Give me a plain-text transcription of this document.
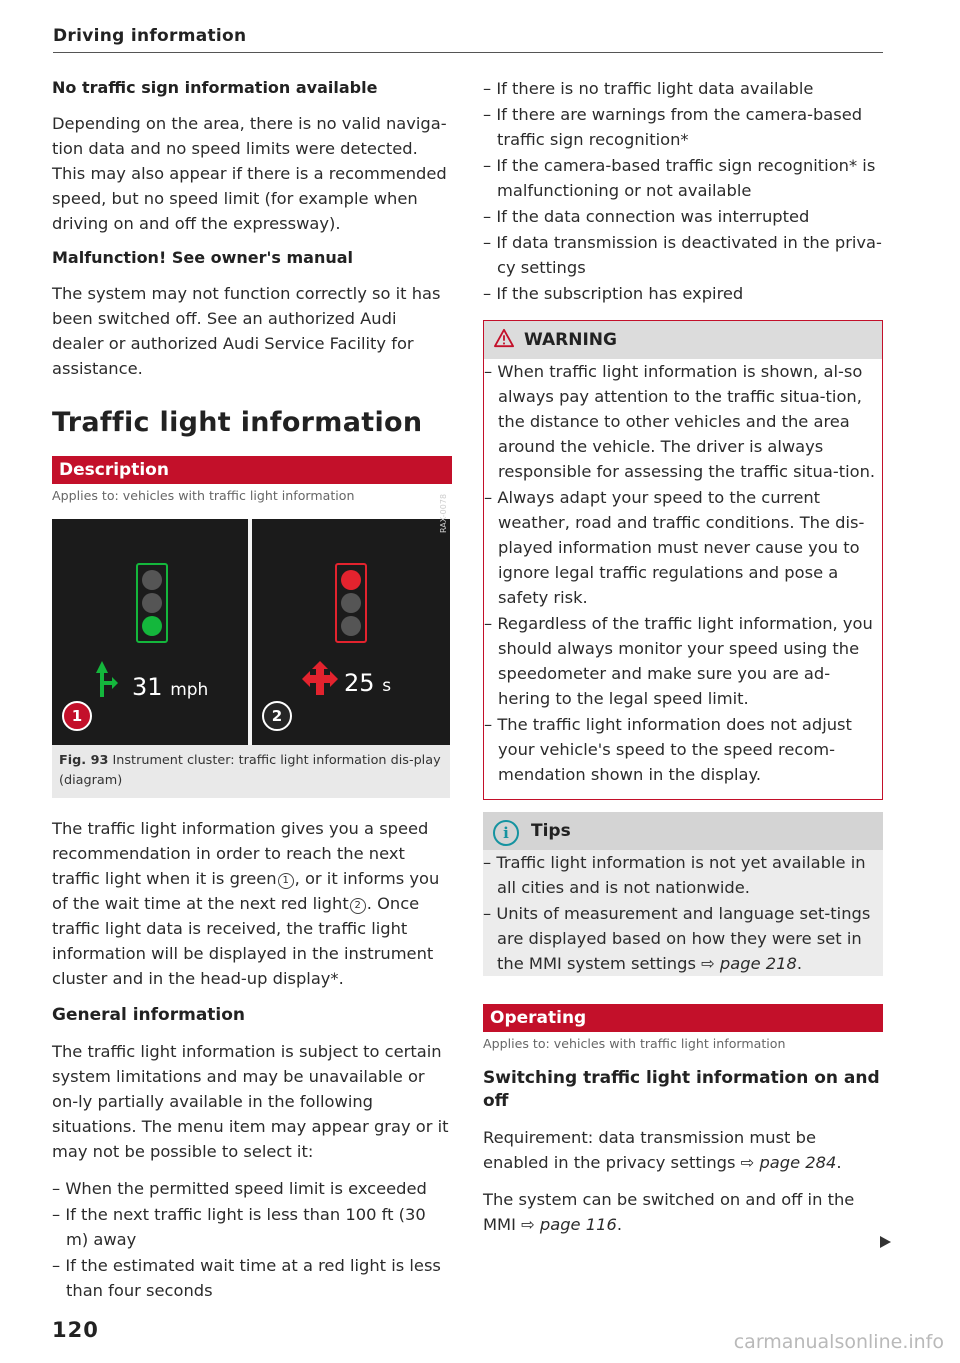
Driving information
No traffic sign information available

Depending on the area, there is no valid naviga-tion data and no speed limits were detected. This may also appear if there is a recommended speed, but no speed limit (for example when driving on and off the expressway).

Malfunction! See owner's manual

The system may not function correctly so it has been switched off. See an authorized Audi dealer or authorized Audi Service Facility for assistance.

Traffic light information
Description
Applies to: vehicles with traffic light information	RAX-0078
31 mph
1
25 s
2
Fig. 93 Instrument cluster: traffic light information dis-play (diagram)

The traffic light information gives you a speed recommendation in order to reach the next traffic light when it is green 1 , or it informs you of the wait time at the next red light 2 . Once traffic light data is received, the traffic light information will be displayed in the instrument cluster and in the head-up display*.

General information

The traffic light information is subject to certain system limitations and may be unavailable or on-ly partially available in the following situations. The menu item may appear gray or it may not be possible to select it:

– When the permitted speed limit is exceeded
– If the next traffic light is less than 100 ft (30 m) away
– If the estimated wait time at a red light is less than four seconds
– If there is no traffic light data available
– If there are warnings from the camera-based traffic sign recognition*
– If the camera-based traffic sign recognition* is malfunctioning or not available
– If the data connection was interrupted
– If data transmission is deactivated in the priva-cy settings
– If the subscription has expired
WARNING
– When traffic light information is shown, al-so always pay attention to the traffic situa-tion, the distance to other vehicles and the area around the vehicle. The driver is always responsible for assessing the traffic situa-tion.
– Always adapt your speed to the current weather, road and traffic conditions. The dis-played information must never cause you to ignore legal traffic regulations and pose a safety risk.
– Regardless of the traffic light information, you should always monitor your speed using the speedometer and make sure you are ad-hering to the legal speed limit.
– The traffic light information does not adjust your vehicle's speed to the speed recom-mendation shown in the display.
i Tips
– Traffic light information is not yet available in all cities and is not nationwide.
– Units of measurement and language set-tings are displayed based on how they were set in the MMI system settings ⇨ page 218.
Operating
Applies to: vehicles with traffic light information
Switching traffic light information on and off

Requirement: data transmission must be enabled in the privacy settings ⇨ page 284.

The system can be switched on and off in the MMI ⇨ page 116.

120	carmanualsonline.info
